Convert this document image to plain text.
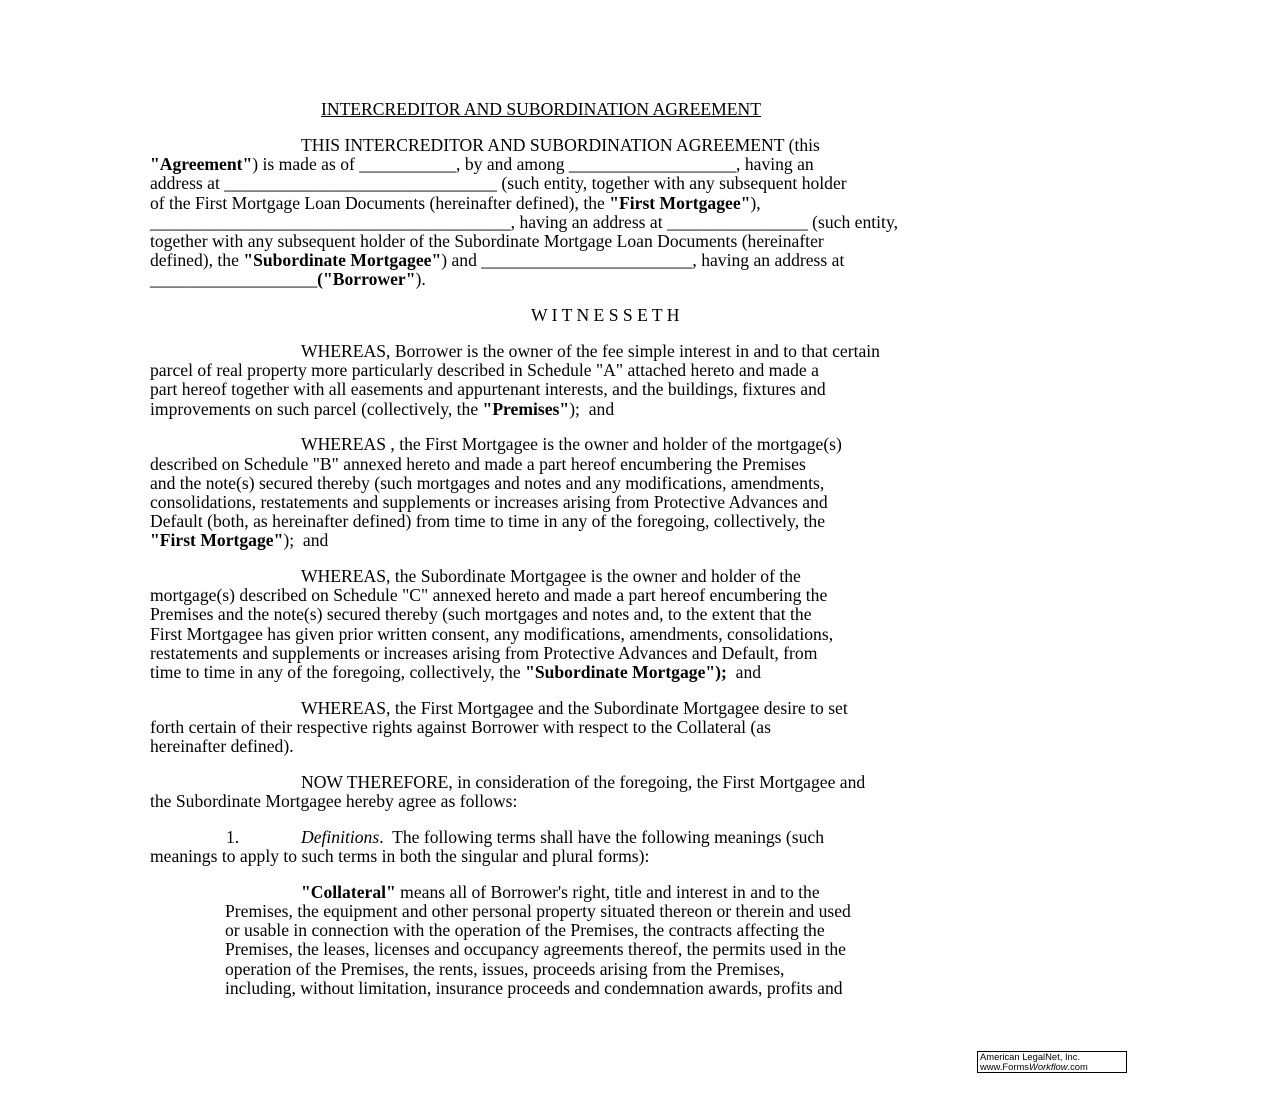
INTERCREDITOR AND SUBORDINATION AGREEMENT
THIS INTERCREDITOR AND SUBORDINATION AGREEMENT (this
"Agreement") is made as of ___________, by and among ___________________, having an
address at _______________________________ (such entity, together with any subsequent holder
of the First Mortgage Loan Documents (hereinafter defined), the "First Mortgagee"),
_________________________________________, having an address at ________________ (such entity,
together with any subsequent holder of the Subordinate Mortgage Loan Documents (hereinafter
defined), the "Subordinate Mortgagee") and ________________________, having an address at
___________________("Borrower").
W I T N E S S E T H
WHEREAS, Borrower is the owner of the fee simple interest in and to that certain
parcel of real property more particularly described in Schedule "A" attached hereto and made a
part hereof together with all easements and appurtenant interests, and the buildings, fixtures and
improvements on such parcel (collectively, the "Premises");  and
WHEREAS , the First Mortgagee is the owner and holder of the mortgage(s)
described on Schedule "B" annexed hereto and made a part hereof encumbering the Premises
and the note(s) secured thereby (such mortgages and notes and any modifications, amendments,
consolidations, restatements and supplements or increases arising from Protective Advances and
Default (both, as hereinafter defined) from time to time in any of the foregoing, collectively, the
"First Mortgage");  and
WHEREAS, the Subordinate Mortgagee is the owner and holder of the
mortgage(s) described on Schedule "C" annexed hereto and made a part hereof encumbering the
Premises and the note(s) secured thereby (such mortgages and notes and, to the extent that the
First Mortgagee has given prior written consent, any modifications, amendments, consolidations,
restatements and supplements or increases arising from Protective Advances and Default, from
time to time in any of the foregoing, collectively, the "Subordinate Mortgage");  and
WHEREAS, the First Mortgagee and the Subordinate Mortgagee desire to set
forth certain of their respective rights against Borrower with respect to the Collateral (as
hereinafter defined).
NOW THEREFORE, in consideration of the foregoing, the First Mortgagee and
the Subordinate Mortgagee hereby agree as follows:
1.	Definitions.  The following terms shall have the following meanings (such
meanings to apply to such terms in both the singular and plural forms):
"Collateral" means all of Borrower's right, title and interest in and to the
Premises, the equipment and other personal property situated thereon or therein and used
or usable in connection with the operation of the Premises, the contracts affecting the
Premises, the leases, licenses and occupancy agreements thereof, the permits used in the
operation of the Premises, the rents, issues, proceeds arising from the Premises,
including, without limitation, insurance proceeds and condemnation awards, profits and
American LegalNet, Inc.
www.FormsWorkflow.com
